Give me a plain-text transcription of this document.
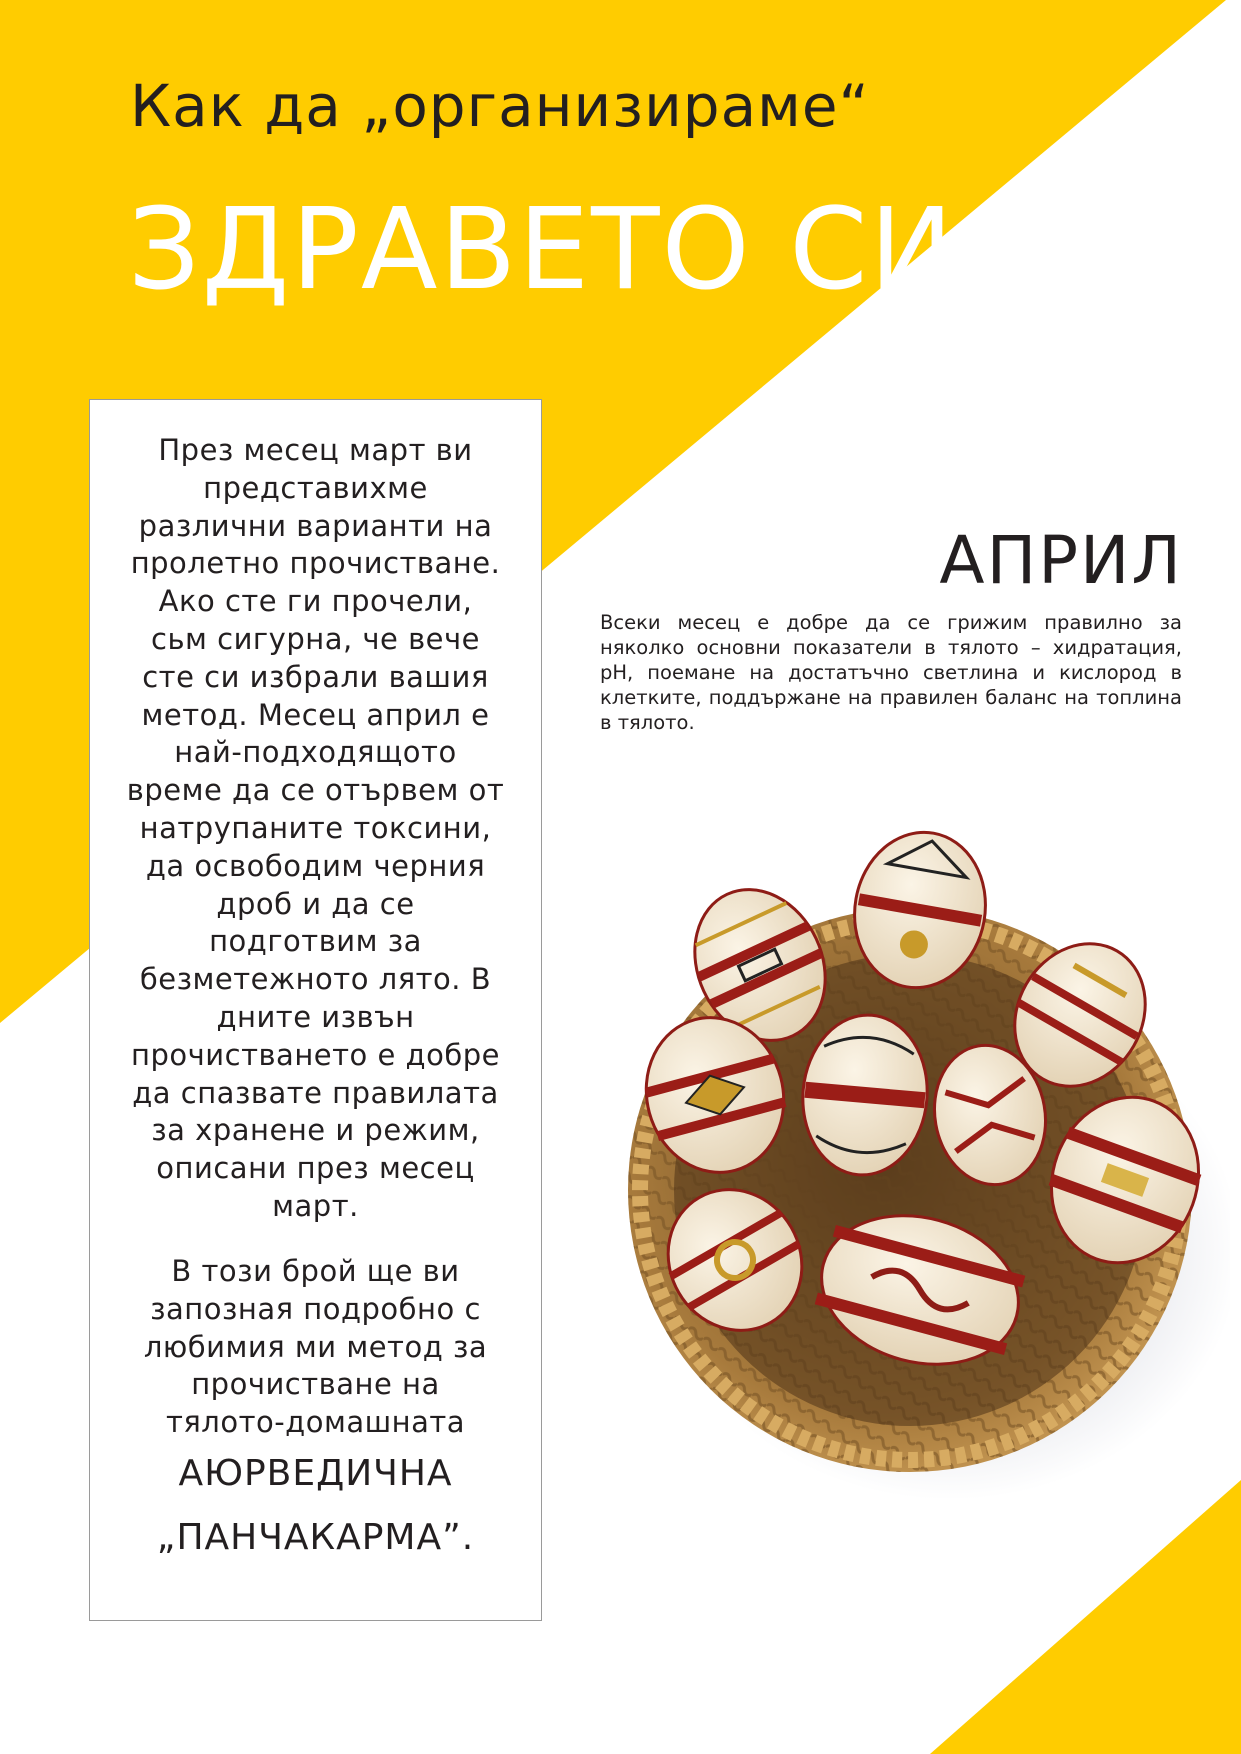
Как да „организираме“
ЗДРАВЕТО СИ

През месец март ви
представихме
различни варианти на
пролетно прочистване.
Ако сте ги прочели,
сьм сигурна, че вече
сте си избрали вашия
метод. Месец април е
най-подходящото
време да се отървем от
натрупаните токсини,
да освободим черния
дроб и да се
подготвим за
безметежното лято. В
дните извън
прочистването е добре
да спазвате правилата
за хранене и режим,
описани през месец
март.

В този брой ще ви
запозная подробно с
любимия ми метод за
прочистване на
тялото-домашната

АЮРВЕДИЧНА
„ПАНЧАКАРМА”.

АПРИЛ

Всеки месец е добре да се грижим правилно за няколко основни показатели в тялото – хидратация, pH, поемане на достатъчно светлина и кислород в клетките, поддържане на правилен баланс на топлина в тялото.
